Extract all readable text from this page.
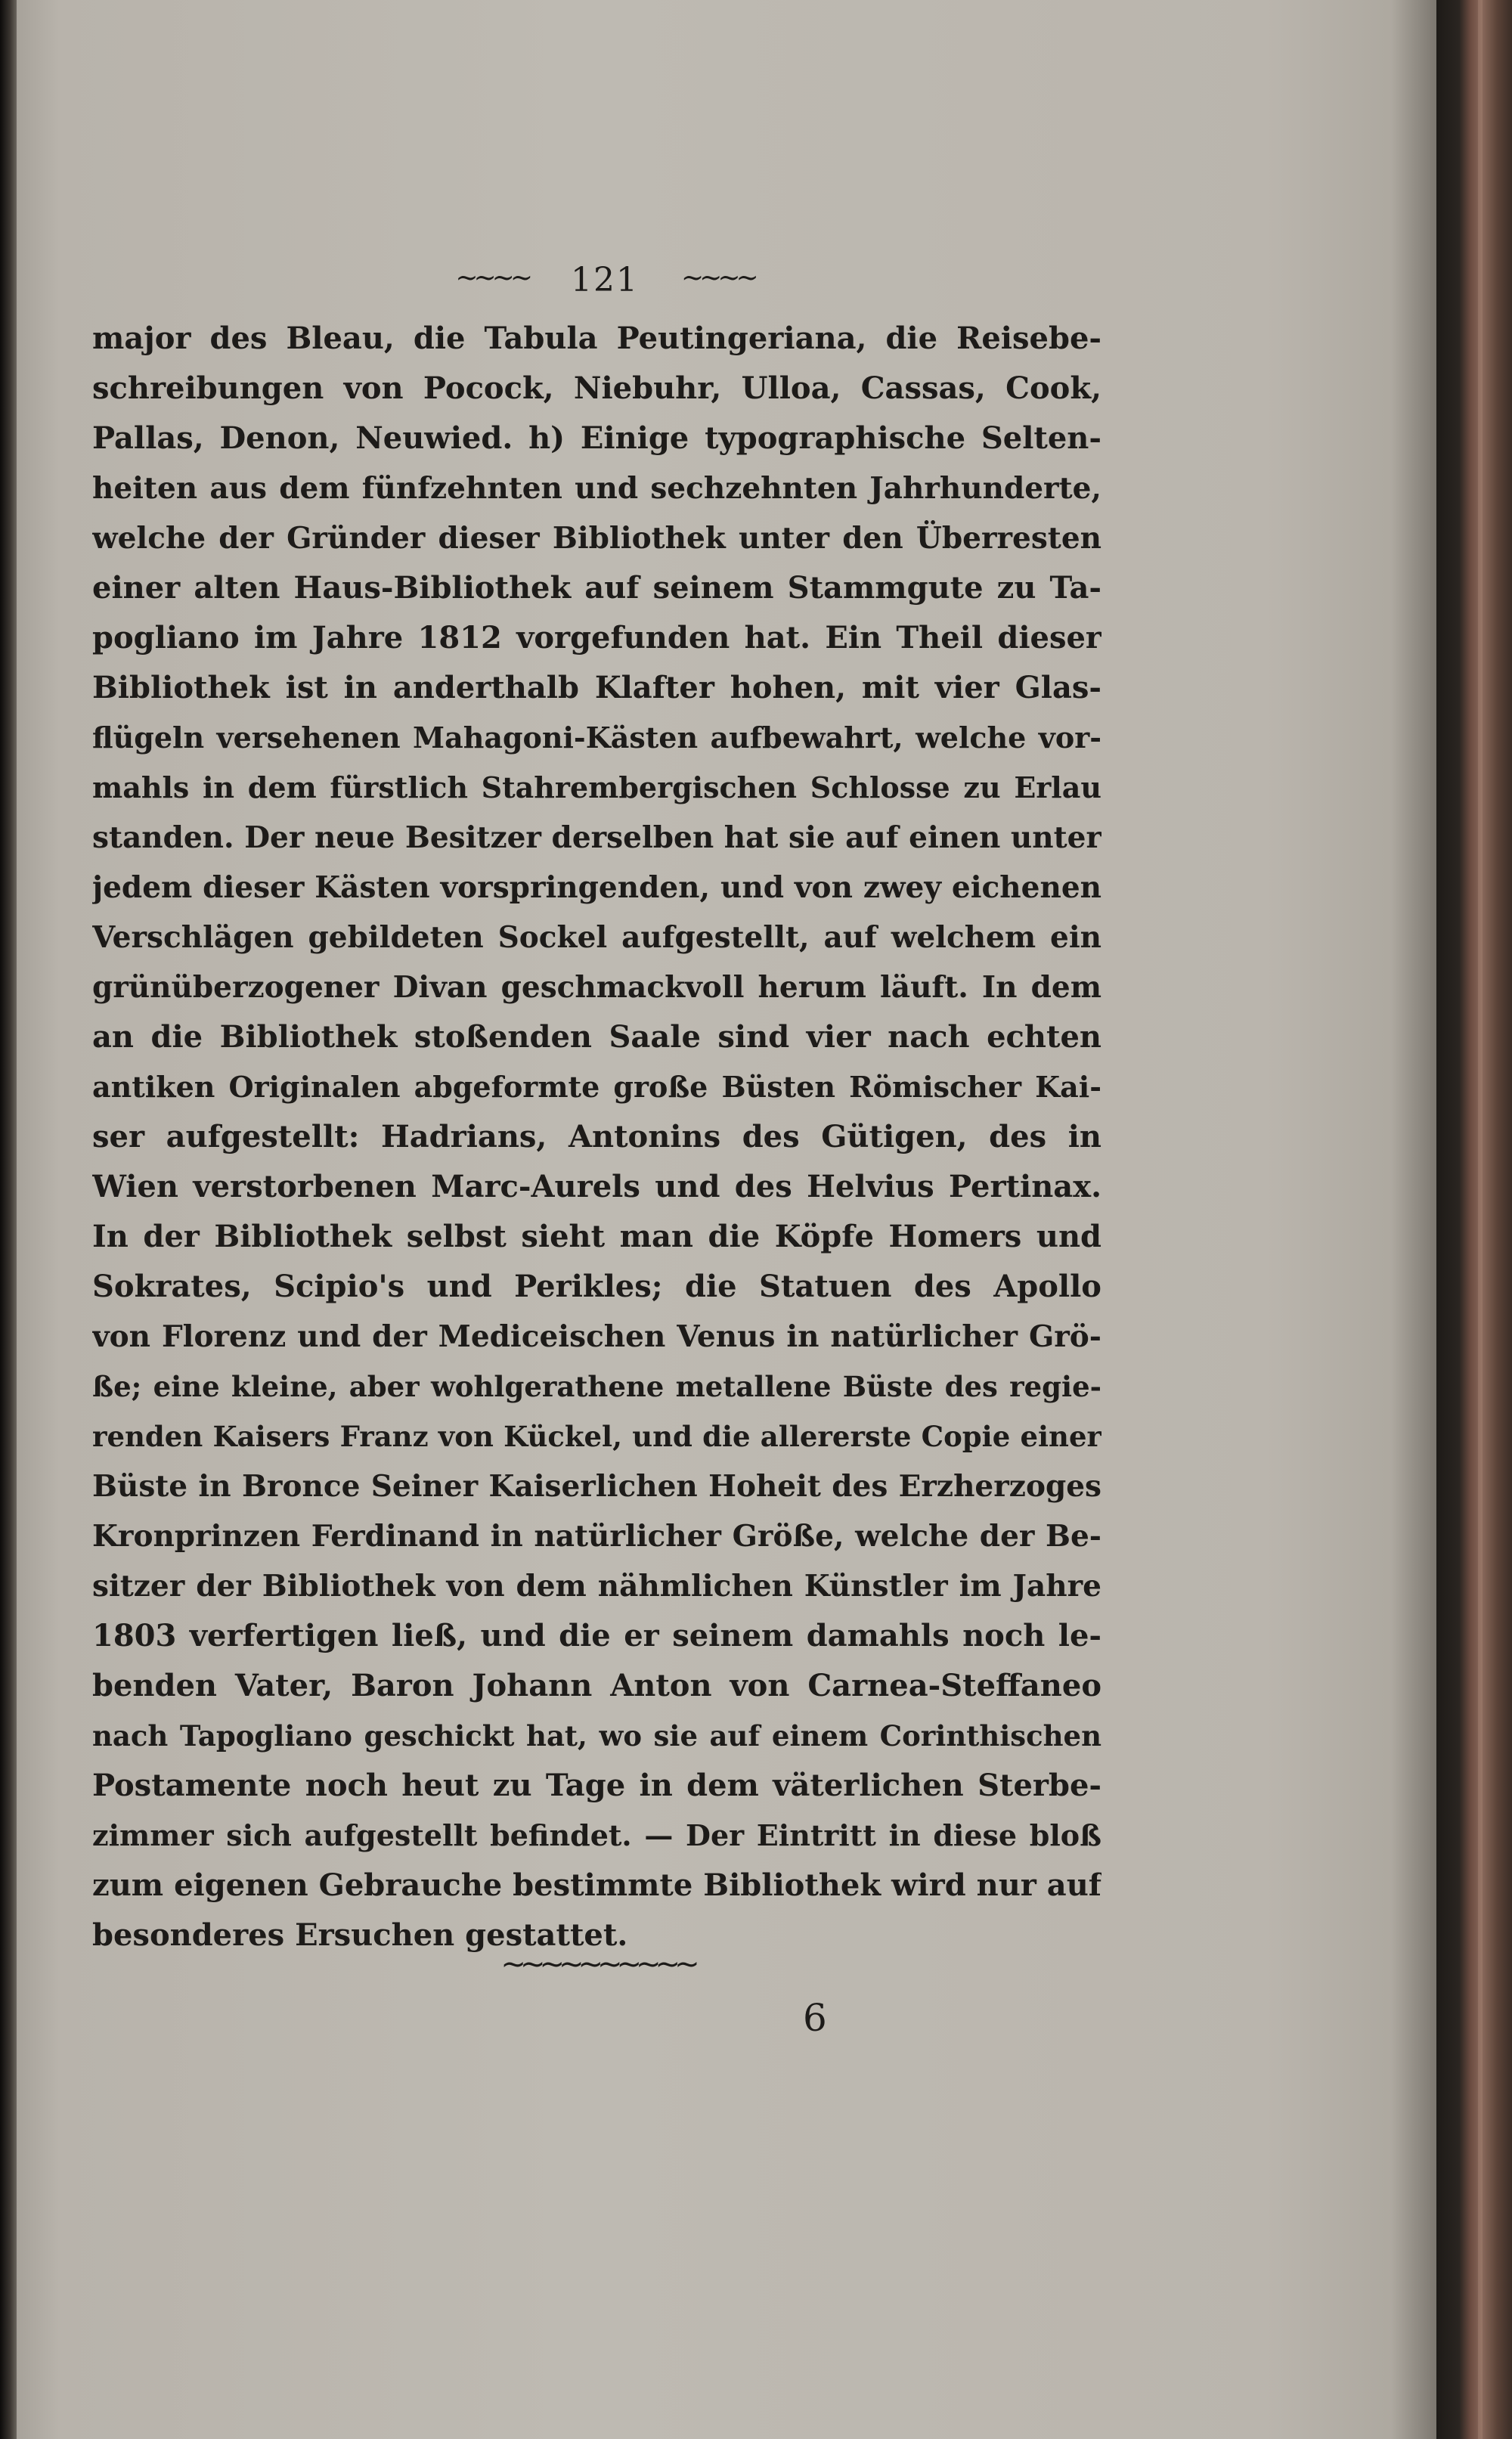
~~~~ 121 ~~~~
major des Bleau, die Tabula Peutingeriana, die Reisebe-
schreibungen von Pocock, Niebuhr, Ulloa, Cassas, Cook,
Pallas, Denon, Neuwied. h) Einige typographische Selten-
heiten aus dem fünfzehnten und sechzehnten Jahrhunderte,
welche der Gründer dieser Bibliothek unter den Überresten
einer alten Haus-Bibliothek auf seinem Stammgute zu Ta-
pogliano im Jahre 1812 vorgefunden hat. Ein Theil dieser
Bibliothek ist in anderthalb Klafter hohen, mit vier Glas-
flügeln versehenen Mahagoni-Kästen aufbewahrt, welche vor-
mahls in dem fürstlich Stahrembergischen Schlosse zu Erlau
standen. Der neue Besitzer derselben hat sie auf einen unter
jedem dieser Kästen vorspringenden, und von zwey eichenen
Verschlägen gebildeten Sockel aufgestellt, auf welchem ein
grünüberzogener Divan geschmackvoll herum läuft. In dem
an die Bibliothek stoßenden Saale sind vier nach echten
antiken Originalen abgeformte große Büsten Römischer Kai-
ser aufgestellt: Hadrians, Antonins des Gütigen, des in
Wien verstorbenen Marc-Aurels und des Helvius Pertinax.
In der Bibliothek selbst sieht man die Köpfe Homers und
Sokrates, Scipio's und Perikles; die Statuen des Apollo
von Florenz und der Mediceischen Venus in natürlicher Grö-
ße; eine kleine, aber wohlgerathene metallene Büste des regie-
renden Kaisers Franz von Kückel, und die allererste Copie einer
Büste in Bronce Seiner Kaiserlichen Hoheit des Erzherzoges
Kronprinzen Ferdinand in natürlicher Größe, welche der Be-
sitzer der Bibliothek von dem nähmlichen Künstler im Jahre
1803 verfertigen ließ, und die er seinem damahls noch le-
benden Vater, Baron Johann Anton von Carnea-Steffaneo
nach Tapogliano geschickt hat, wo sie auf einem Corinthischen
Postamente noch heut zu Tage in dem väterlichen Sterbe-
zimmer sich aufgestellt befindet. — Der Eintritt in diese bloß
zum eigenen Gebrauche bestimmte Bibliothek wird nur auf
besonderes Ersuchen gestattet.
~~~~~~~~~~
6
